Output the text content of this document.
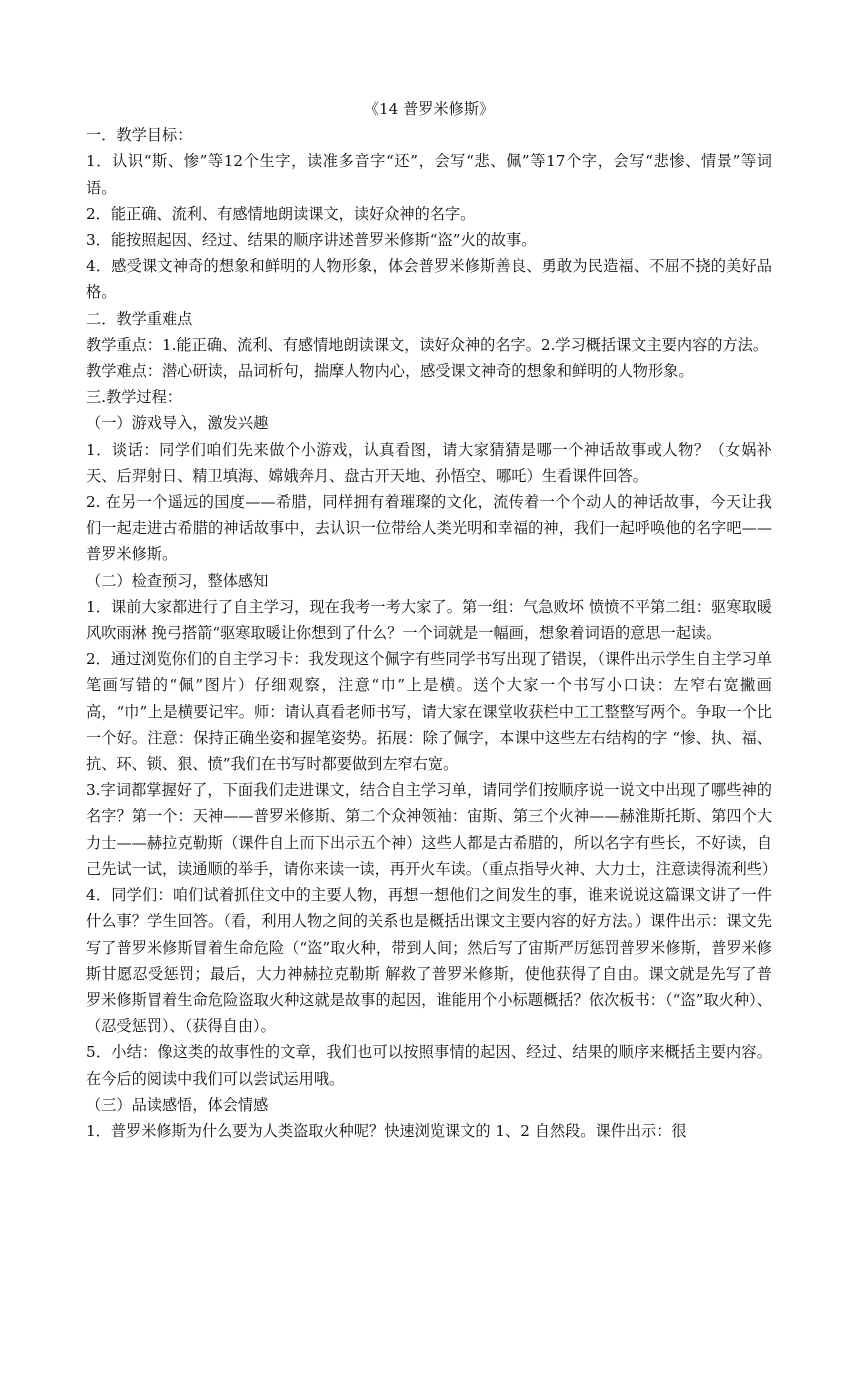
《14 普罗米修斯》

一．教学目标：

1．认识“斯、惨”等12个生字，读准多音字“还”，会写“悲、佩”等17个字，会写“悲惨、情景”等词语。

2．能正确、流利、有感情地朗读课文，读好众神的名字。

3．能按照起因、经过、结果的顺序讲述普罗米修斯“盗”火的故事。

4．感受课文神奇的想象和鲜明的人物形象，体会普罗米修斯善良、勇敢为民造福、不屈不挠的美好品格。

二．教学重难点

教学重点：1.能正确、流利、有感情地朗读课文，读好众神的名字。2.学习概括课文主要内容的方法。

教学难点：潜心研读，品词析句，揣摩人物内心，感受课文神奇的想象和鲜明的人物形象。

三.教学过程：

（一）游戏导入，激发兴趣

1．谈话：同学们咱们先来做个小游戏，认真看图，请大家猜猜是哪一个神话故事或人物？（女娲补天、后羿射日、精卫填海、嫦娥奔月、盘古开天地、孙悟空、哪吒）生看课件回答。

2. 在另一个遥远的国度——希腊，同样拥有着璀璨的文化，流传着一个个动人的神话故事，今天让我们一起走进古希腊的神话故事中，去认识一位带给人类光明和幸福的神，我们一起呼唤他的名字吧——普罗米修斯。

（二）检查预习，整体感知

1．课前大家都进行了自主学习，现在我考一考大家了。第一组：气急败坏 愤愤不平第二组：驱寒取暖 风吹雨淋 挽弓搭箭“驱寒取暖让你想到了什么？一个词就是一幅画，想象着词语的意思一起读。

2．通过浏览你们的自主学习卡：我发现这个佩字有些同学书写出现了错误，（课件出示学生自主学习单笔画写错的“佩”图片）仔细观察，注意“巾”上是横。送个大家一个书写小口诀：左窄右宽撇画高，“巾”上是横要记牢。师：请认真看老师书写，请大家在课堂收获栏中工工整整写两个。争取一个比一个好。注意：保持正确坐姿和握笔姿势。拓展：除了佩字，本课中这些左右结构的字 “惨、执、福、抗、环、锁、狠、愤”我们在书写时都要做到左窄右宽。

3.字词都掌握好了，下面我们走进课文，结合自主学习单，请同学们按顺序说一说文中出现了哪些神的名字？第一个：天神——普罗米修斯、第二个众神领袖：宙斯、第三个火神——赫淮斯托斯、第四个大力士——赫拉克勒斯（课件自上而下出示五个神）这些人都是古希腊的，所以名字有些长，不好读，自己先试一试，读通顺的举手，请你来读一读，再开火车读。（重点指导火神、大力士，注意读得流利些）

4．同学们：咱们试着抓住文中的主要人物，再想一想他们之间发生的事，谁来说说这篇课文讲了一件什么事？学生回答。（看，利用人物之间的关系也是概括出课文主要内容的好方法。）课件出示：课文先写了普罗米修斯冒着生命危险（“盗”取火种，带到人间；然后写了宙斯严厉惩罚普罗米修斯，普罗米修斯甘愿忍受惩罚；最后，大力神赫拉克勒斯 解救了普罗米修斯，使他获得了自由。课文就是先写了普罗米修斯冒着生命危险盗取火种这就是故事的起因，谁能用个小标题概括？依次板书：（“盗”取火种）、（忍受惩罚）、（获得自由）。

5．小结：像这类的故事性的文章，我们也可以按照事情的起因、经过、结果的顺序来概括主要内容。在今后的阅读中我们可以尝试运用哦。

（三）品读感悟，体会情感

1．普罗米修斯为什么要为人类盗取火种呢？快速浏览课文的 1、2 自然段。课件出示：很
